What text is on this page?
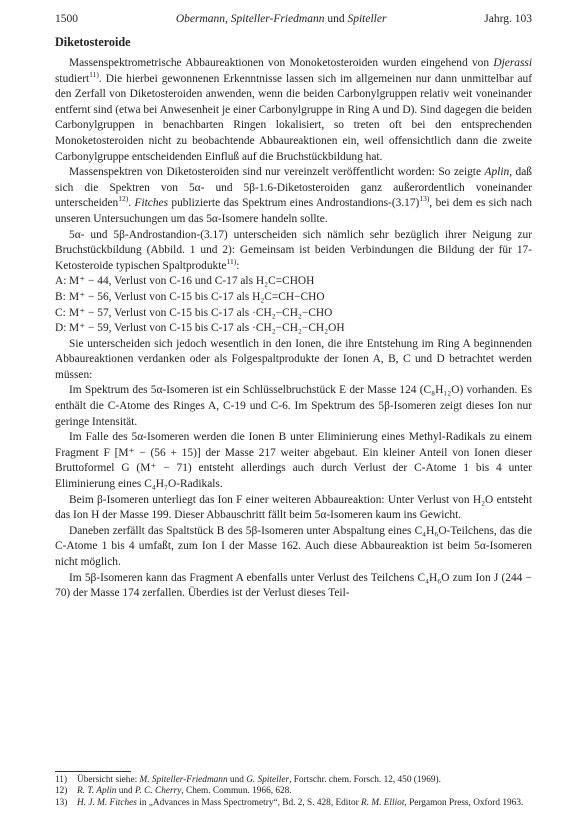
1500	Obermann, Spiteller-Friedmann und Spiteller	Jahrg. 103
Diketosteroide

Massenspektrometrische Abbaureaktionen von Monoketosteroiden wurden eingehend von Djerassi studiert$^{11)}$. Die hierbei gewonnenen Erkenntnisse lassen sich im allgemeinen nur dann unmittelbar auf den Zerfall von Diketosteroiden anwenden, wenn die beiden Carbonylgruppen relativ weit voneinander entfernt sind (etwa bei Anwesenheit je einer Carbonylgruppe in Ring A und D). Sind dagegen die beiden Carbonylgruppen in benachbarten Ringen lokalisiert, so treten oft bei den entsprechenden Monoketosteroiden nicht zu beobachtende Abbaureaktionen ein, weil offensichtlich dann die zweite Carbonylgruppe entscheidenden Einfluß auf die Bruchstückbildung hat.

Massenspektren von Diketosteroiden sind nur vereinzelt veröffentlicht worden: So zeigte Aplin, daß sich die Spektren von 5α- und 5β-1.6-Diketosteroiden ganz außerordentlich voneinander unterscheiden$^{12)}$. Fitches publizierte das Spektrum eines Androstandions-$(3.17)^{13)}$, bei dem es sich nach unseren Untersuchungen um das 5α-Isomere handeln sollte.

5α- und 5β-Androstandion-(3.17) unterscheiden sich nämlich sehr bezüglich ihrer Neigung zur Bruchstückbildung (Abbild. 1 und 2): Gemeinsam ist beiden Verbindungen die Bildung der für 17-Ketosteroide typischen Spaltprodukte$^{11)}$:

A: M⁺ − 44, Verlust von C-16 und C-17 als H₂C=CHOH
B: M⁺ − 56, Verlust von C-15 bis C-17 als H₂C=CH−CHO
C: M⁺ − 57, Verlust von C-15 bis C-17 als ·CH₂−CH₂−CHO
D: M⁺ − 59, Verlust von C-15 bis C-17 als ·CH₂−CH₂−CH₂OH

Sie unterscheiden sich jedoch wesentlich in den Ionen, die ihre Entstehung im Ring A beginnenden Abbaureaktionen verdanken oder als Folgespaltprodukte der Ionen A, B, C und D betrachtet werden müssen:

Im Spektrum des 5α-Isomeren ist ein Schlüsselbruchstück E der Masse 124 (C₈H₁₂O) vorhanden. Es enthält die C-Atome des Ringes A, C-19 und C-6. Im Spektrum des 5β-Isomeren zeigt dieses Ion nur geringe Intensität.

Im Falle des 5α-Isomeren werden die Ionen B unter Eliminierung eines Methyl-Radikals zu einem Fragment F [M⁺ − (56 + 15)] der Masse 217 weiter abgebaut. Ein kleiner Anteil von Ionen dieser Bruttoformel G (M⁺ − 71) entsteht allerdings auch durch Verlust der C-Atome 1 bis 4 unter Eliminierung eines C₄H₇O-Radikals.

Beim β-Isomeren unterliegt das Ion F einer weiteren Abbaureaktion: Unter Verlust von H₂O entsteht das Ion H der Masse 199. Dieser Abbauschritt fällt beim 5α-Isomeren kaum ins Gewicht.

Daneben zerfällt das Spaltstück B des 5β-Isomeren unter Abspaltung eines C₄H₆O-Teilchens, das die C-Atome 1 bis 4 umfaßt, zum Ion I der Masse 162. Auch diese Abbaureaktion ist beim 5α-Isomeren nicht möglich.

Im 5β-Isomeren kann das Fragment A ebenfalls unter Verlust des Teilchens C₄H₆O zum Ion J (244 − 70) der Masse 174 zerfallen. Überdies ist der Verlust dieses Teil-

11)	Übersicht siehe: M. Spiteller-Friedmann und G. Spiteller, Fortschr. chem. Forsch. 12, 450 (1969).
12)	R. T. Aplin und P. C. Cherry, Chem. Commun. 1966, 628.
13)	H. J. M. Fitches in „Advances in Mass Spectrometry“, Bd. 2, S. 428, Editor R. M. Elliot, Pergamon Press, Oxford 1963.
